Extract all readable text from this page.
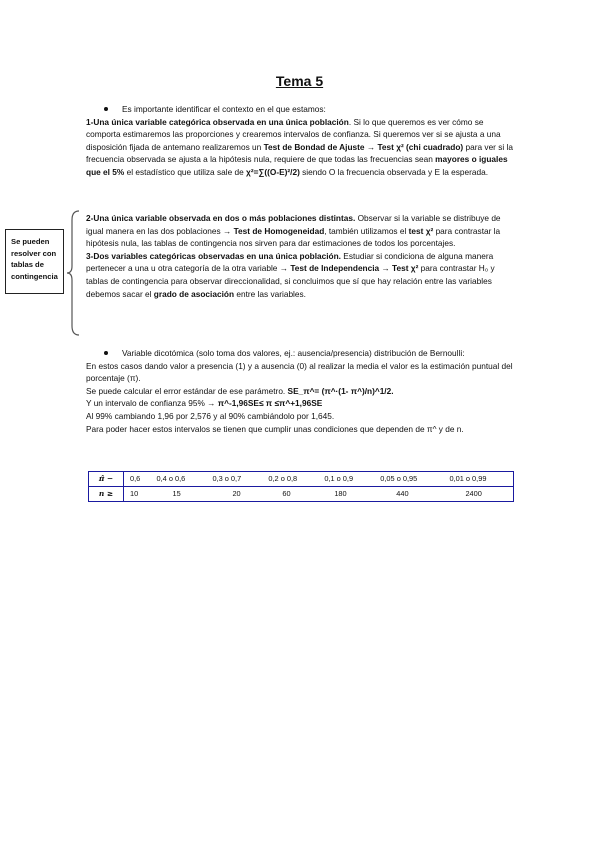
Tema 5

Es importante identificar el contexto en el que estamos:

1-Una única variable categórica observada en una única población. Si lo que queremos es ver cómo se comporta estimaremos las proporciones y crearemos intervalos de confianza. Si queremos ver si se ajusta a una disposición fijada de antemano realizaremos un Test de Bondad de Ajuste → Test χ² (chi cuadrado) para ver si la frecuencia observada se ajusta a la hipótesis nula, requiere de que todas las frecuencias sean mayores o iguales que el 5% el estadístico que utiliza sale de χ²=∑((O-E)²/2) siendo O la frecuencia observada y E la esperada.

Se pueden resolver con tablas de contingencia

2-Una única variable observada en dos o más poblaciones distintas. Observar si la variable se distribuye de igual manera en las dos poblaciones → Test de Homogeneidad, también utilizamos el test χ² para contrastar la hipótesis nula, las tablas de contingencia nos sirven para dar estimaciones de todos los porcentajes.

3-Dos variables categóricas observadas en una única población. Estudiar si condiciona de alguna manera pertenecer a una u otra categoría de la otra variable → Test de Independencia → Test χ² para contrastar H₀ y tablas de contingencia para observar direccionalidad, si concluimos que sí que hay relación entre las variables debemos sacar el grado de asociación entre las variables.

Variable dicotómica (solo toma dos valores, ej.: ausencia/presencia) distribución de Bernoulli:

En estos casos dando valor a presencia (1) y a ausencia (0) al realizar la media el valor es la estimación puntual del porcentaje (π).

Se puede calcular el error estándar de ese parámetro. SE_π^= (π^·(1- π^)/n)^1/2.

Y un intervalo de confianza 95% → π^-1,96SE≤ π ≤π^+1,96SE

Al 99% cambiando 1,96 por 2,576 y al 90% cambiándolo por 1,645.

Para poder hacer estos intervalos se tienen que cumplir unas condiciones que dependen de π^ y de n.

π̂ −	0,6	0,4 o 0,6	0,3 o 0,7	0,2 o 0,8	0,1 o 0,9	0,05 o 0,95	0,01 o 0,99
n ≥	10	15	20	60	180	440	2400
